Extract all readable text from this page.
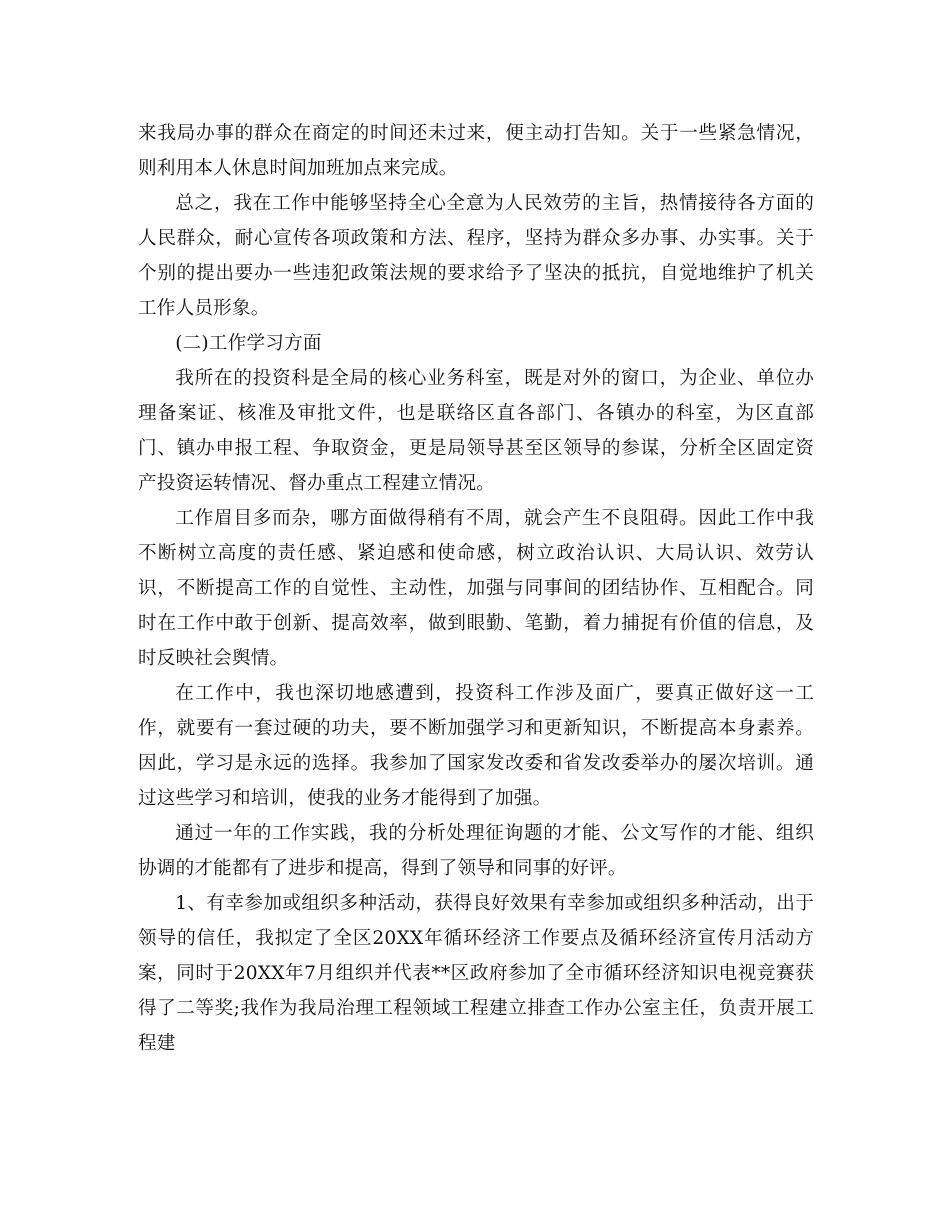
来我局办事的群众在商定的时间还未过来，便主动打告知。关于一些紧急情况，则利用本人休息时间加班加点来完成。

总之，我在工作中能够坚持全心全意为人民效劳的主旨，热情接待各方面的人民群众，耐心宣传各项政策和方法、程序，坚持为群众多办事、办实事。关于个别的提出要办一些违犯政策法规的要求给予了坚决的抵抗，自觉地维护了机关工作人员形象。

(二)工作学习方面

我所在的投资科是全局的核心业务科室，既是对外的窗口，为企业、单位办理备案证、核准及审批文件，也是联络区直各部门、各镇办的科室，为区直部门、镇办申报工程、争取资金，更是局领导甚至区领导的参谋，分析全区固定资产投资运转情况、督办重点工程建立情况。

工作眉目多而杂，哪方面做得稍有不周，就会产生不良阻碍。因此工作中我不断树立高度的责任感、紧迫感和使命感，树立政治认识、大局认识、效劳认识，不断提高工作的自觉性、主动性，加强与同事间的团结协作、互相配合。同时在工作中敢于创新、提高效率，做到眼勤、笔勤，着力捕捉有价值的信息，及时反映社会舆情。

在工作中，我也深切地感遭到，投资科工作涉及面广，要真正做好这一工作，就要有一套过硬的功夫，要不断加强学习和更新知识，不断提高本身素养。因此，学习是永远的选择。我参加了国家发改委和省发改委举办的屡次培训。通过这些学习和培训，使我的业务才能得到了加强。

通过一年的工作实践，我的分析处理征询题的才能、公文写作的才能、组织协调的才能都有了进步和提高，得到了领导和同事的好评。

1、有幸参加或组织多种活动，获得良好效果有幸参加或组织多种活动，出于领导的信任，我拟定了全区20XX年循环经济工作要点及循环经济宣传月活动方案，同时于20XX年7月组织并代表**区政府参加了全市循环经济知识电视竞赛获得了二等奖;我作为我局治理工程领域工程建立排查工作办公室主任，负责开展工程建
